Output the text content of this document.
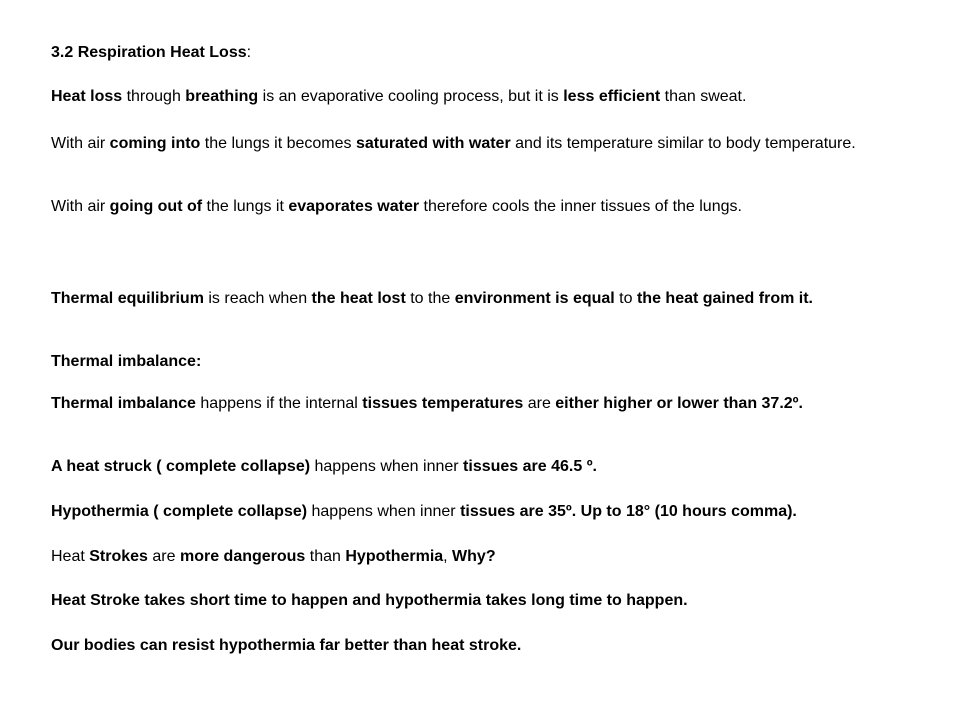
3.2 Respiration Heat Loss:

Heat loss through breathing is an evaporative cooling process, but it is less efficient than sweat.

With air coming into the lungs it becomes saturated with water and its temperature similar to body temperature.

With air going out of the lungs it evaporates water therefore cools the inner tissues of the lungs.

Thermal equilibrium is reach when the heat lost to the environment is equal to the heat gained from it.

Thermal imbalance:

Thermal imbalance happens if the internal tissues temperatures are either higher or lower than 37.2º.

A heat struck ( complete collapse) happens when inner tissues are 46.5 º.

Hypothermia ( complete collapse) happens when inner tissues are 35º. Up to 18° (10 hours comma).

Heat Strokes are more dangerous than Hypothermia, Why?

Heat Stroke takes short time to happen and hypothermia takes long time to happen.

Our bodies can resist hypothermia far better than heat stroke.
